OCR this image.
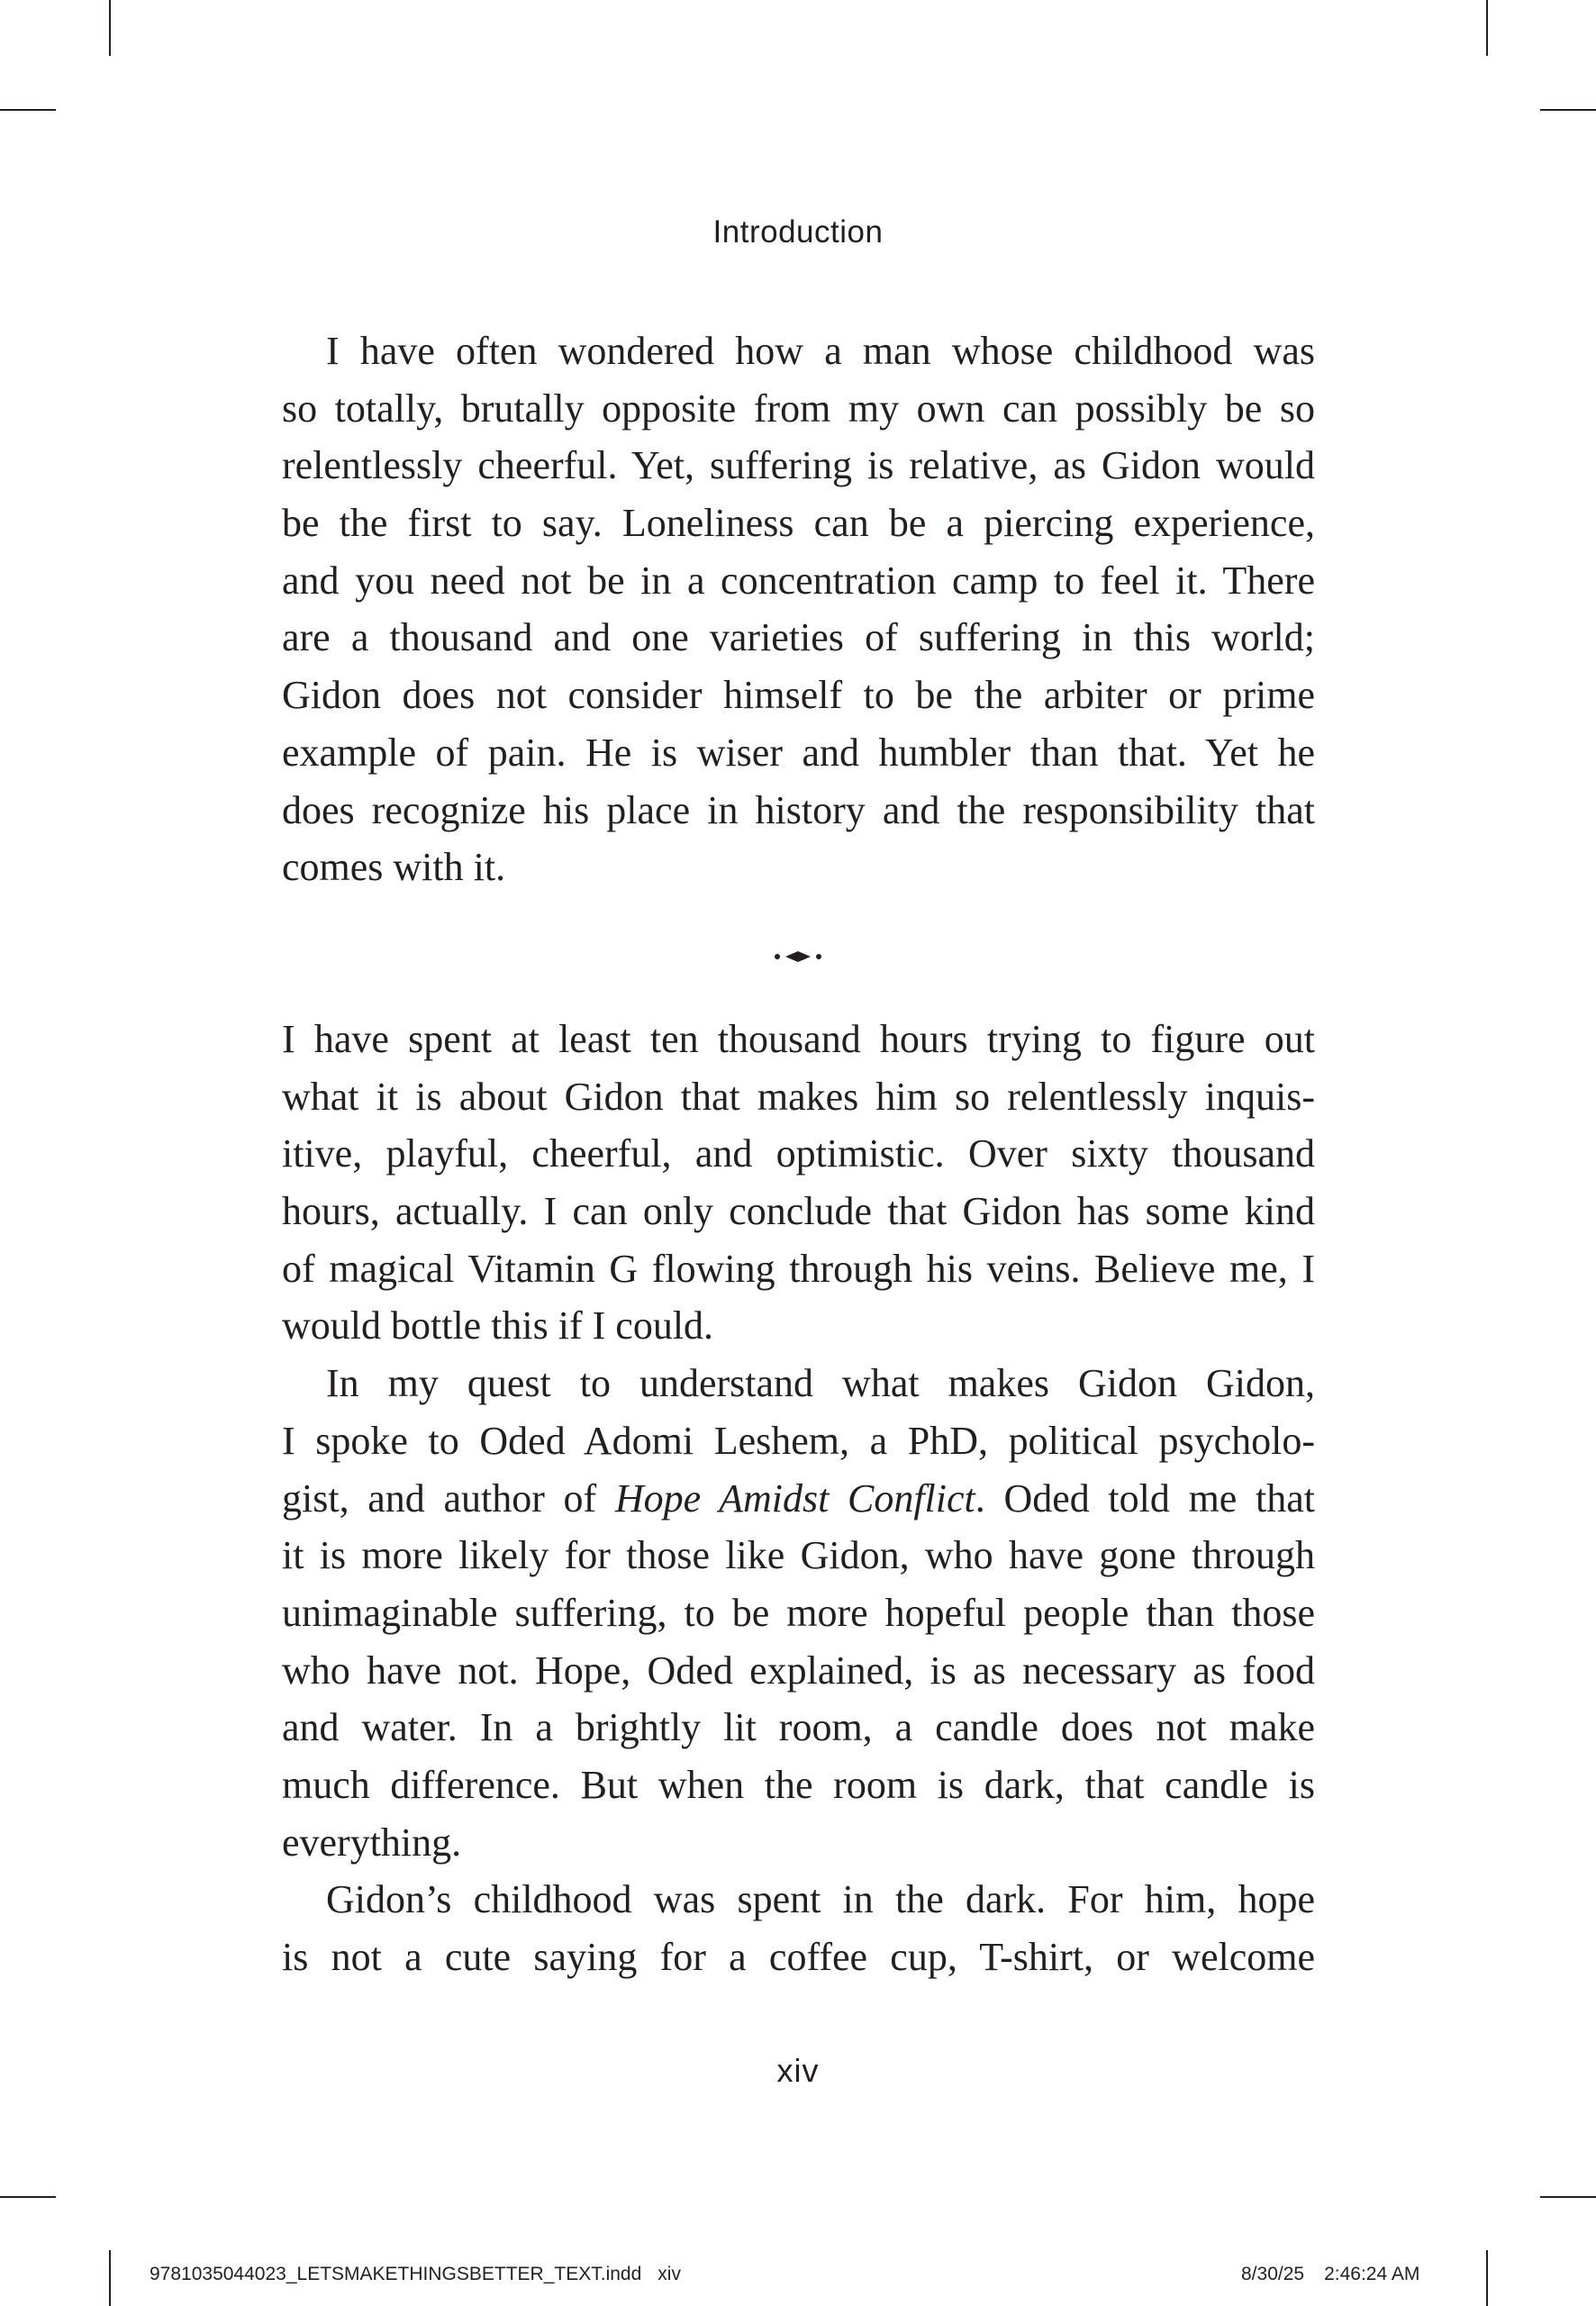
Introduction
I have often wondered how a man whose childhood was
so totally, brutally opposite from my own can possibly be so
relentlessly cheerful. Yet, suffering is relative, as Gidon would
be the first to say. Loneliness can be a piercing experience,
and you need not be in a concentration camp to feel it. There
are a thousand and one varieties of suffering in this world;
Gidon does not consider himself to be the arbiter or prime
example of pain. He is wiser and humbler than that. Yet he
does recognize his place in history and the responsibility that
comes with it.
I have spent at least ten thousand hours trying to figure out
what it is about Gidon that makes him so relentlessly inquis-
itive, playful, cheerful, and optimistic. Over sixty thousand
hours, actually. I can only conclude that Gidon has some kind
of magical Vitamin G flowing through his veins. Believe me, I
would bottle this if I could.
In my quest to understand what makes Gidon Gidon,
I spoke to Oded Adomi Leshem, a PhD, political psycholo-
gist, and author of Hope Amidst Conflict. Oded told me that
it is more likely for those like Gidon, who have gone through
unimaginable suffering, to be more hopeful people than those
who have not. Hope, Oded explained, is as necessary as food
and water. In a brightly lit room, a candle does not make
much difference. But when the room is dark, that candle is
everything.
Gidon’s childhood was spent in the dark. For him, hope
is not a cute saying for a coffee cup, T-shirt, or welcome
xiv
9781035044023_LETSMAKETHINGSBETTER_TEXT.indd xiv	8/30/25 2:46:24 AM
